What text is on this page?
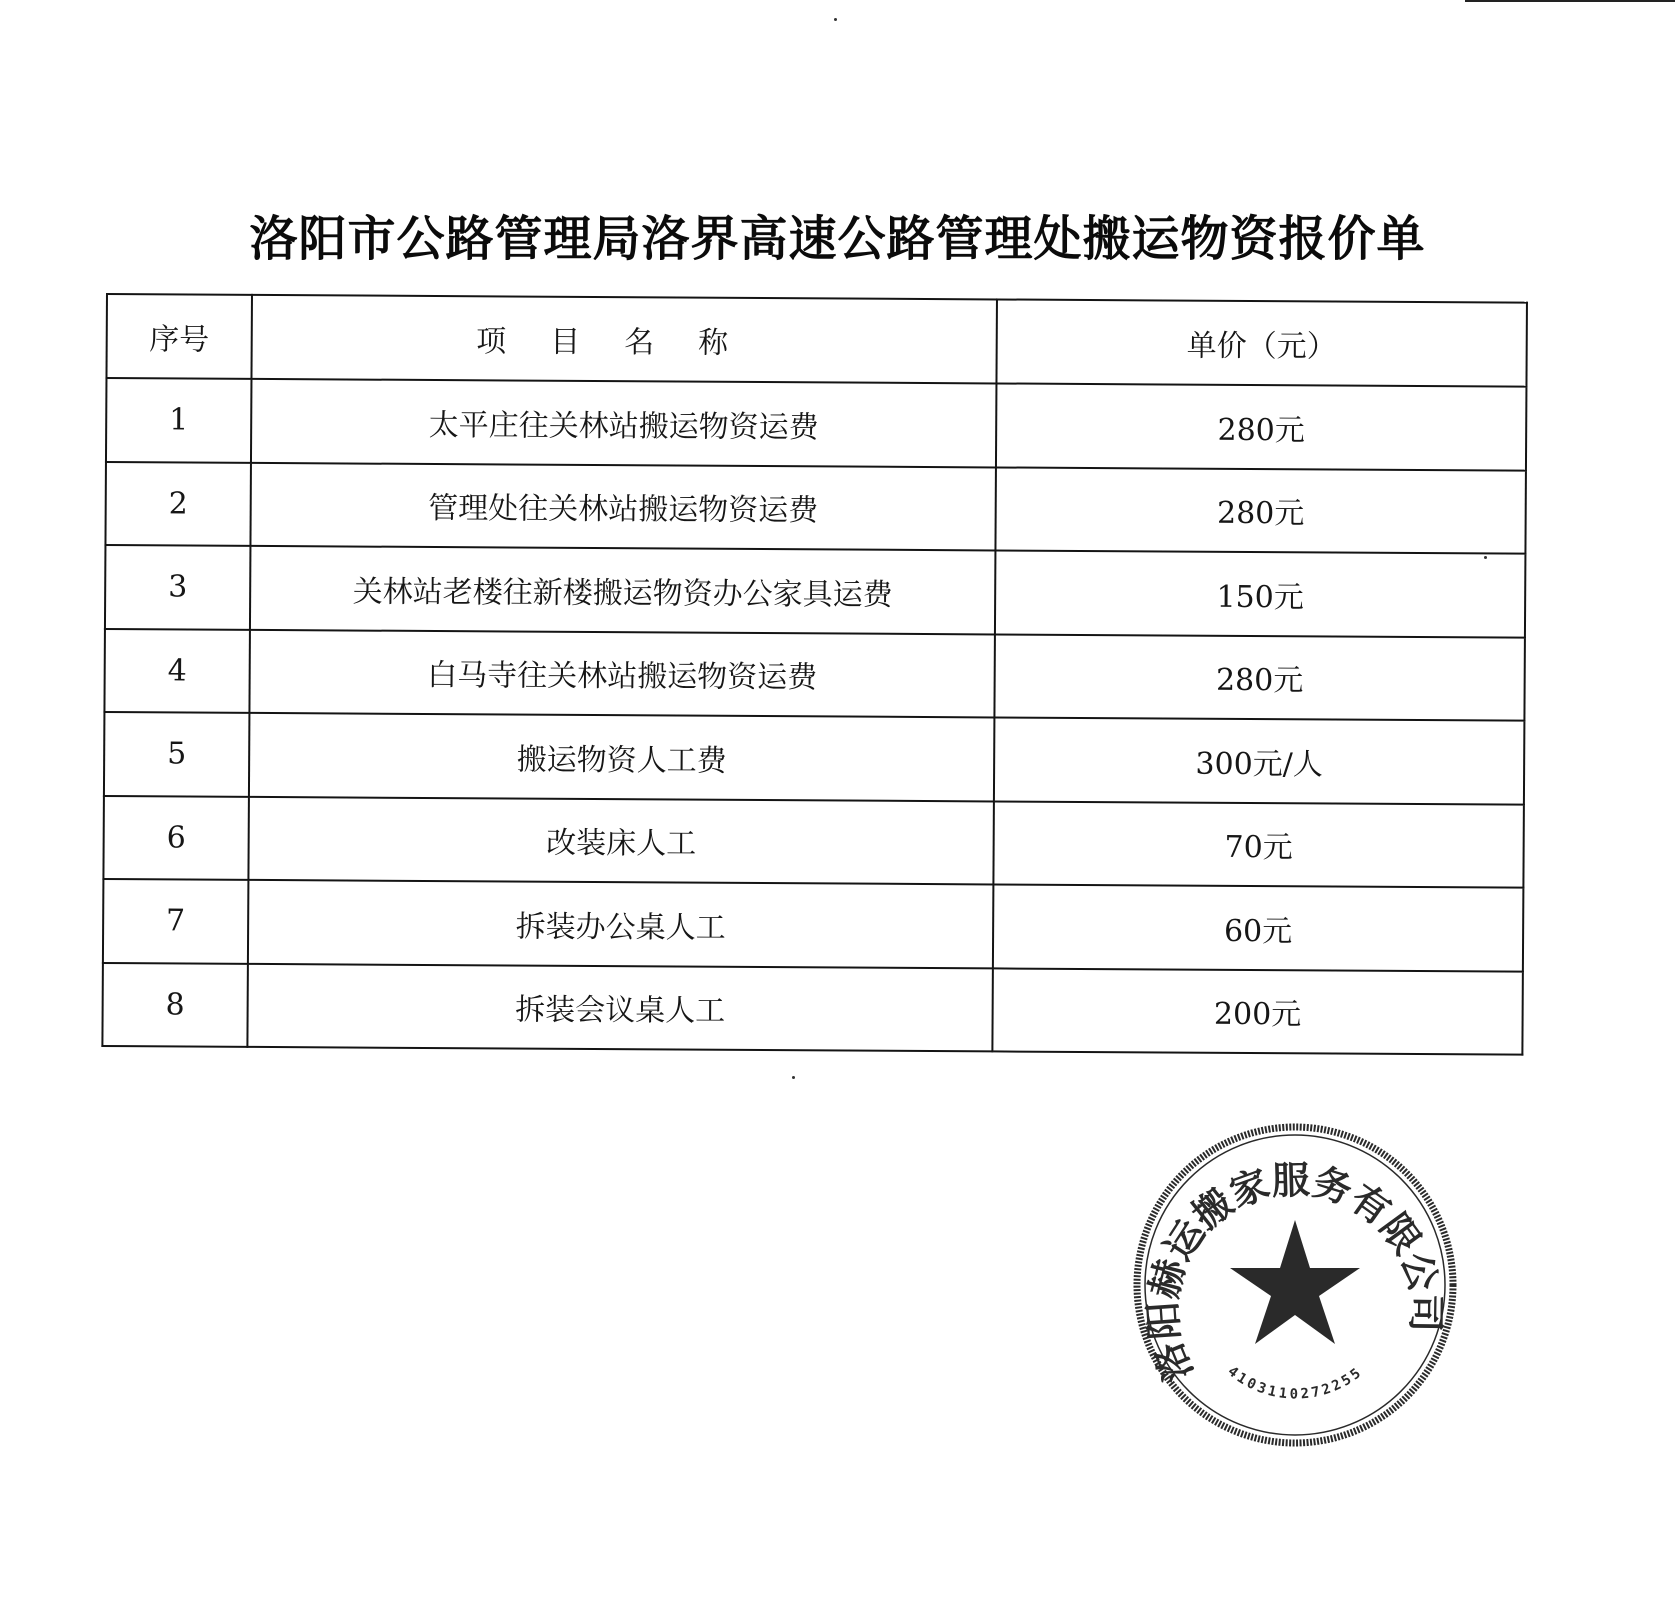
洛阳市公路管理局洛界高速公路管理处搬运物资报价单
序号	项目名称	单价（元）
1	太平庄往关林站搬运物资运费	280元
2	管理处往关林站搬运物资运费	280元
3	关林站老楼往新楼搬运物资办公家具运费	150元
4	白马寺往关林站搬运物资运费	280元
5	搬运物资人工费	300元/人
6	改装床人工	70元
7	拆装办公桌人工	60元
8	拆装会议桌人工	200元
洛阳赫运搬家服务有限公司
4103110272255
